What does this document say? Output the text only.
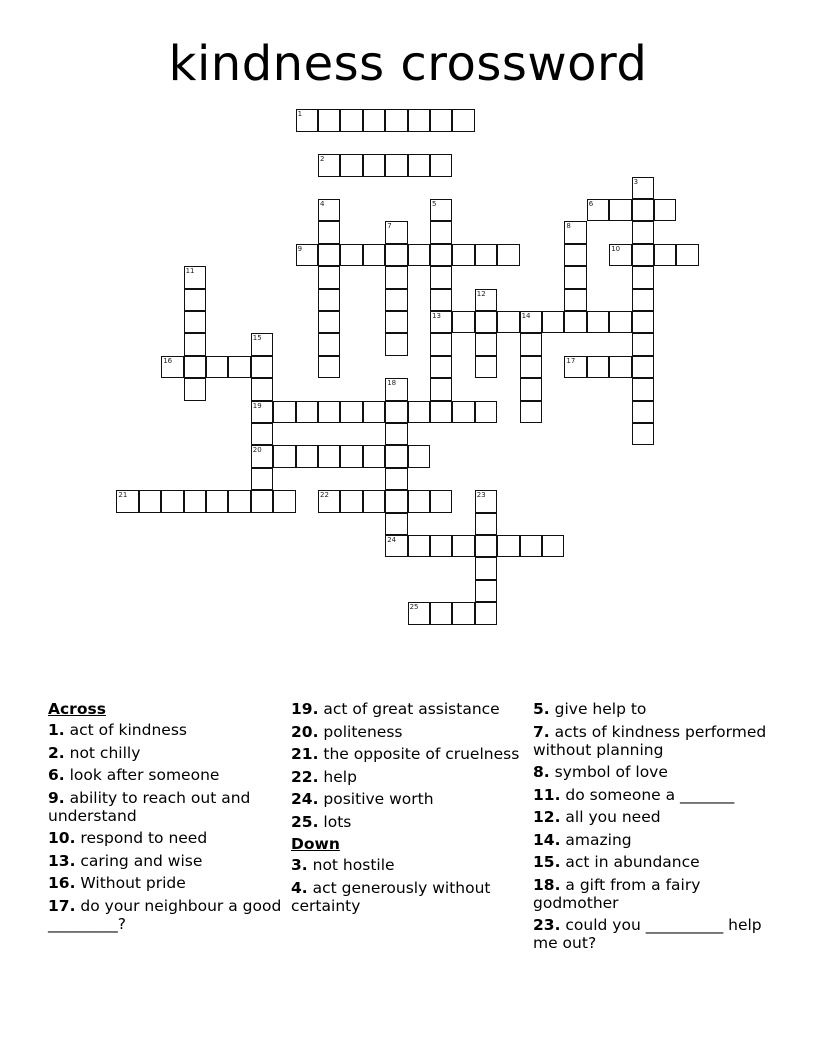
kindness crossword
1
2
3
4	5
13
6
7	8
9	10
11
12
14
15
19
20
16	17
18
24
21	22	23
25
Across
1. act of kindness
2. not chilly
6. look after someone
9. ability to reach out and understand
10. respond to need
13. caring and wise
16. Without pride
17. do your neighbour a good _________?
19. act of great assistance
20. politeness
21. the opposite of cruelness
22. help
24. positive worth
25. lots
Down
3. not hostile
4. act generously without certainty
5. give help to
7. acts of kindness performed without planning
8. symbol of love
11. do someone a _______
12. all you need
14. amazing
15. act in abundance
18. a gift from a fairy godmother
23. could you __________ help me out?
